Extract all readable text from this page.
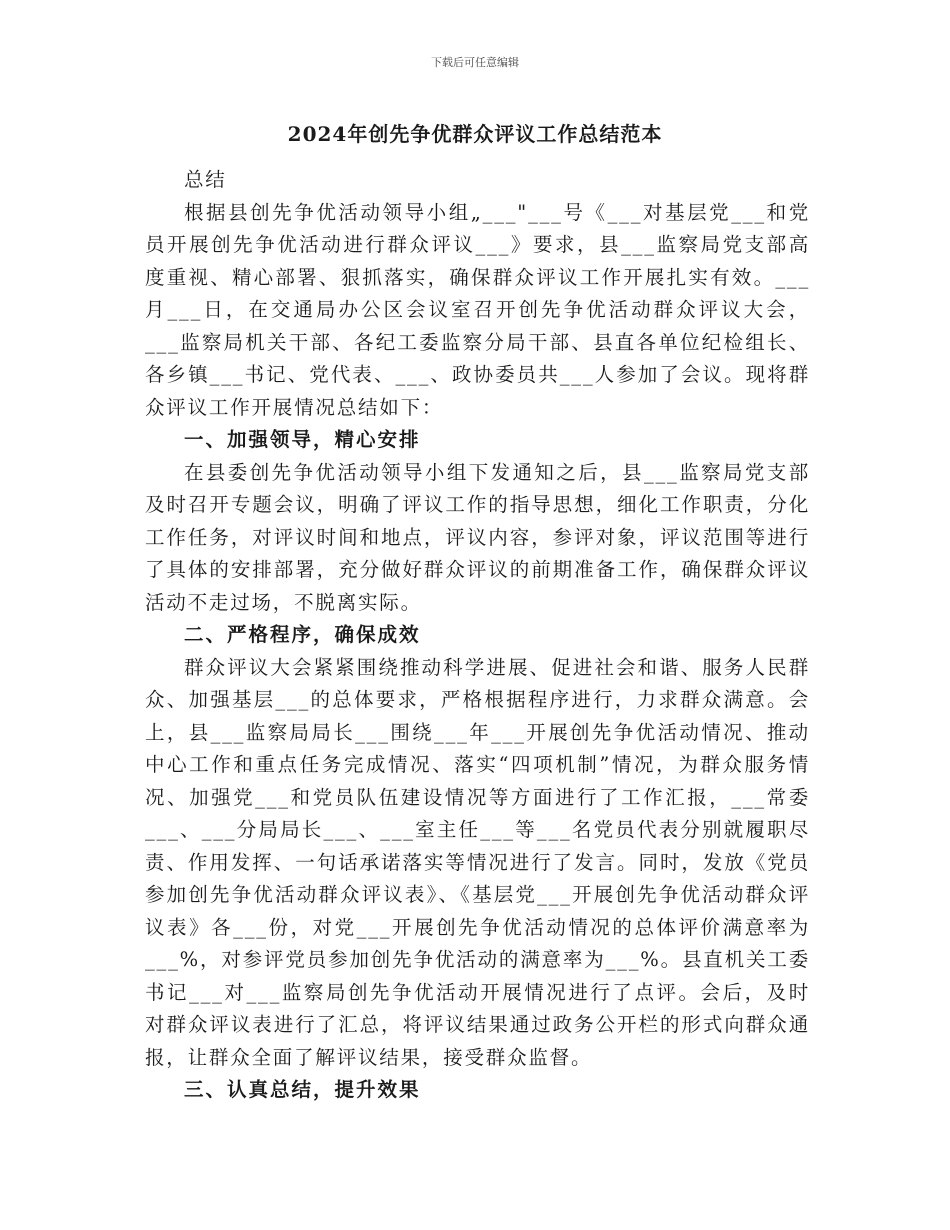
下载后可任意编辑
2024年创先争优群众评议工作总结范本

总结

根据县创先争优活动领导小组„___"___号《___对基层党___和党员开展创先争优活动进行群众评议___》要求，县___监察局党支部高度重视、精心部署、狠抓落实，确保群众评议工作开展扎实有效。___月___日，在交通局办公区会议室召开创先争优活动群众评议大会，___监察局机关干部、各纪工委监察分局干部、县直各单位纪检组长、各乡镇___书记、党代表、___、政协委员共___人参加了会议。现将群众评议工作开展情况总结如下：

一、加强领导，精心安排

在县委创先争优活动领导小组下发通知之后，县___监察局党支部及时召开专题会议，明确了评议工作的指导思想，细化工作职责，分化工作任务，对评议时间和地点，评议内容，参评对象，评议范围等进行了具体的安排部署，充分做好群众评议的前期准备工作，确保群众评议活动不走过场，不脱离实际。

二、严格程序，确保成效

群众评议大会紧紧围绕推动科学进展、促进社会和谐、服务人民群众、加强基层___的总体要求，严格根据程序进行，力求群众满意。会上，县___监察局局长___围绕___年___开展创先争优活动情况、推动中心工作和重点任务完成情况、落实“四项机制”情况，为群众服务情况、加强党___和党员队伍建设情况等方面进行了工作汇报，___常委___、___分局局长___、___室主任___等___名党员代表分别就履职尽责、作用发挥、一句话承诺落实等情况进行了发言。同时，发放《党员参加创先争优活动群众评议表》、《基层党___开展创先争优活动群众评议表》各___份，对党___开展创先争优活动情况的总体评价满意率为___%，对参评党员参加创先争优活动的满意率为___%。县直机关工委书记___对___监察局创先争优活动开展情况进行了点评。会后，及时对群众评议表进行了汇总，将评议结果通过政务公开栏的形式向群众通报，让群众全面了解评议结果，接受群众监督。

三、认真总结，提升效果
